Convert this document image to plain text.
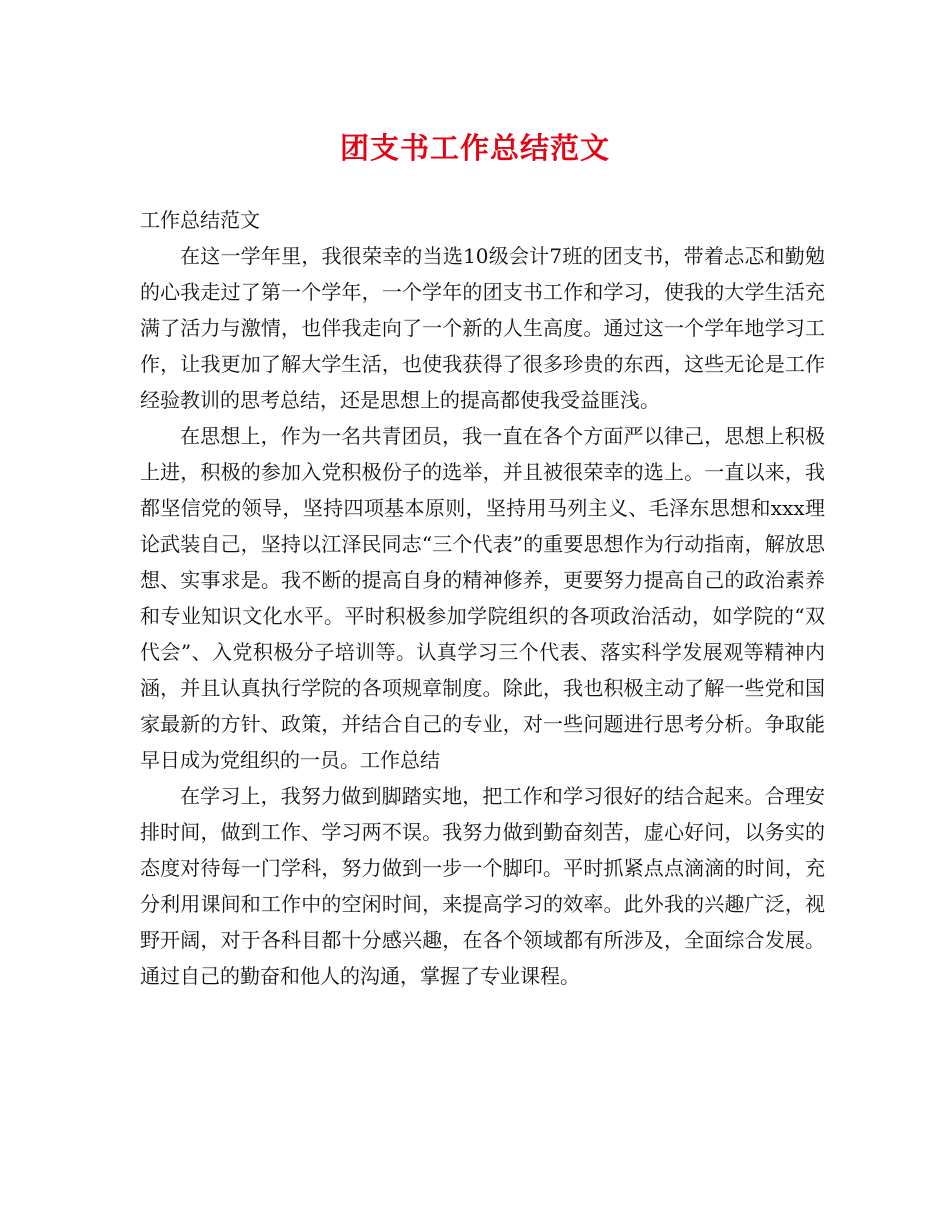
团支书工作总结范文

工作总结范文

在这一学年里，我很荣幸的当选10级会计7班的团支书，带着忐忑和勤勉的心我走过了第一个学年，一个学年的团支书工作和学习，使我的大学生活充满了活力与激情，也伴我走向了一个新的人生高度。通过这一个学年地学习工作，让我更加了解大学生活，也使我获得了很多珍贵的东西，这些无论是工作经验教训的思考总结，还是思想上的提高都使我受益匪浅。

在思想上，作为一名共青团员，我一直在各个方面严以律己，思想上积极上进，积极的参加入党积极份子的选举，并且被很荣幸的选上。一直以来，我都坚信党的领导，坚持四项基本原则，坚持用马列主义、毛泽东思想和xxx理论武装自己，坚持以江泽民同志“三个代表”的重要思想作为行动指南，解放思想、实事求是。我不断的提高自身的精神修养，更要努力提高自己的政治素养和专业知识文化水平。平时积极参加学院组织的各项政治活动，如学院的“双代会”、入党积极分子培训等。认真学习三个代表、落实科学发展观等精神内涵，并且认真执行学院的各项规章制度。除此，我也积极主动了解一些党和国家最新的方针、政策，并结合自己的专业，对一些问题进行思考分析。争取能早日成为党组织的一员。工作总结

在学习上，我努力做到脚踏实地，把工作和学习很好的结合起来。合理安排时间，做到工作、学习两不误。我努力做到勤奋刻苦，虚心好问，以务实的态度对待每一门学科，努力做到一步一个脚印。平时抓紧点点滴滴的时间，充分利用课间和工作中的空闲时间，来提高学习的效率。此外我的兴趣广泛，视野开阔，对于各科目都十分感兴趣，在各个领域都有所涉及，全面综合发展。通过自己的勤奋和他人的沟通，掌握了专业课程。
